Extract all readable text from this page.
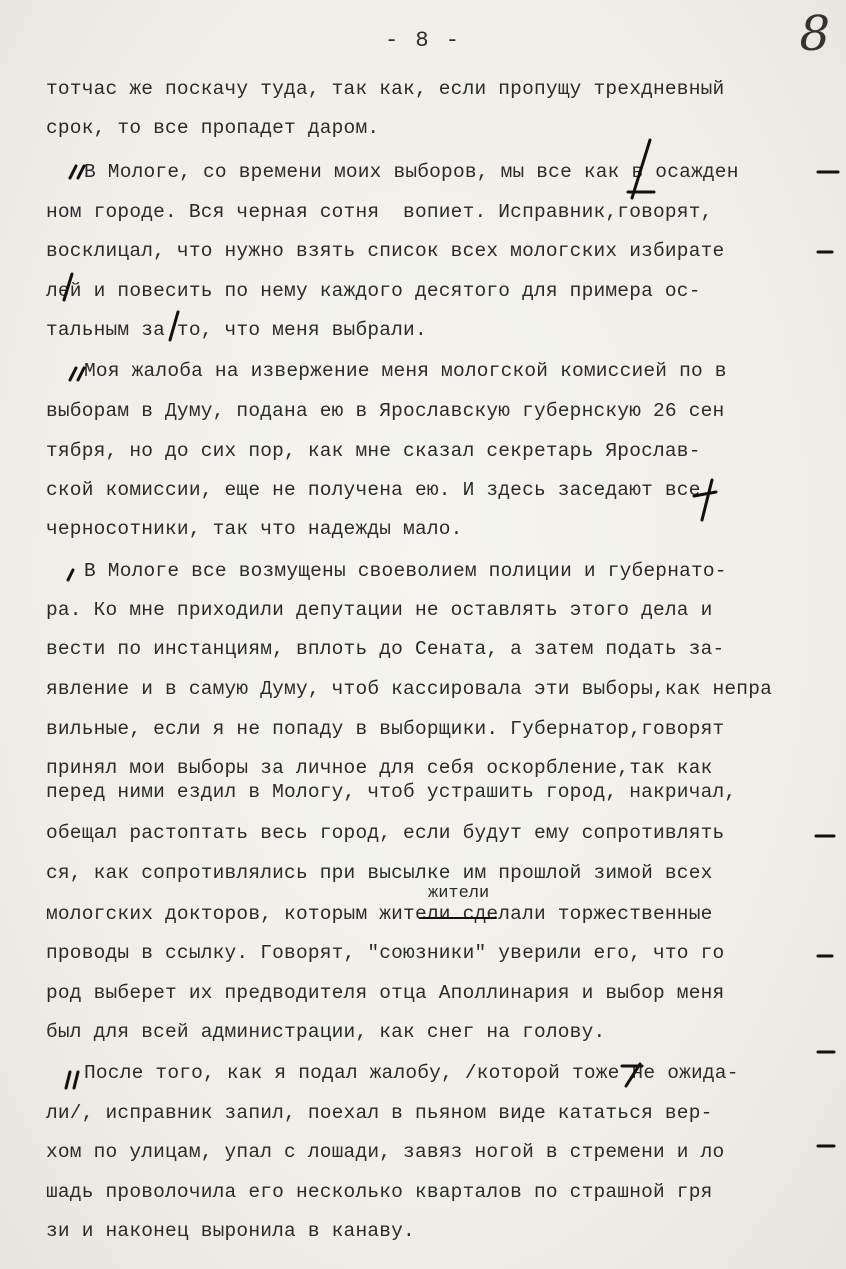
- 8 -	8
тотчас же поскачу туда, так как, если пропущу трехдневный
срок, то все пропадет даром.
В Мологе, со времени моих выборов, мы все как в осажден
ном городе. Вся черная сотня  вопиет. Исправник,говорят,
восклицал, что нужно взять список всех мологских избирате
лей и повесить по нему каждого десятого для примера ос-
тальным за то, что меня выбрали.
Моя жалоба на извержение меня мологской комиссией по в
выборам в Думу, подана ею в Ярославскую губернскую 26 сен
тября, но до сих пор, как мне сказал секретарь Ярослав-
ской комиссии, еще не получена ею. И здесь заседают все
черносотники, так что надежды мало.
В Мологе все возмущены своеволием полиции и губернато-
ра. Ко мне приходили депутации не оставлять этого дела и
вести по инстанциям, вплоть до Сената, а затем подать за-
явление и в самую Думу, чтоб кассировала эти выборы,как непра
вильные, если я не попаду в выборщики. Губернатор,говорят
принял мои выборы за личное для себя оскорбление,так как
перед ними ездил в Мологу, чтоб устрашить город, накричал,
обещал растоптать весь город, если будут ему сопротивлять
ся, как сопротивлялись при высылке им прошлой зимой всех
жители
мологских докторов, которым жители сделали торжественные
проводы в ссылку. Говорят, "союзники" уверили его, что го
род выберет их предводителя отца Аполлинария и выбор меня
был для всей администрации, как снег на голову.
После того, как я подал жалобу, /которой тоже не ожида-
ли/, исправник запил, поехал в пьяном виде кататься вер-
хом по улицам, упал с лошади, завяз ногой в стремени и ло
шадь проволочила его несколько кварталов по страшной гря
зи и наконец выронила в канаву.
